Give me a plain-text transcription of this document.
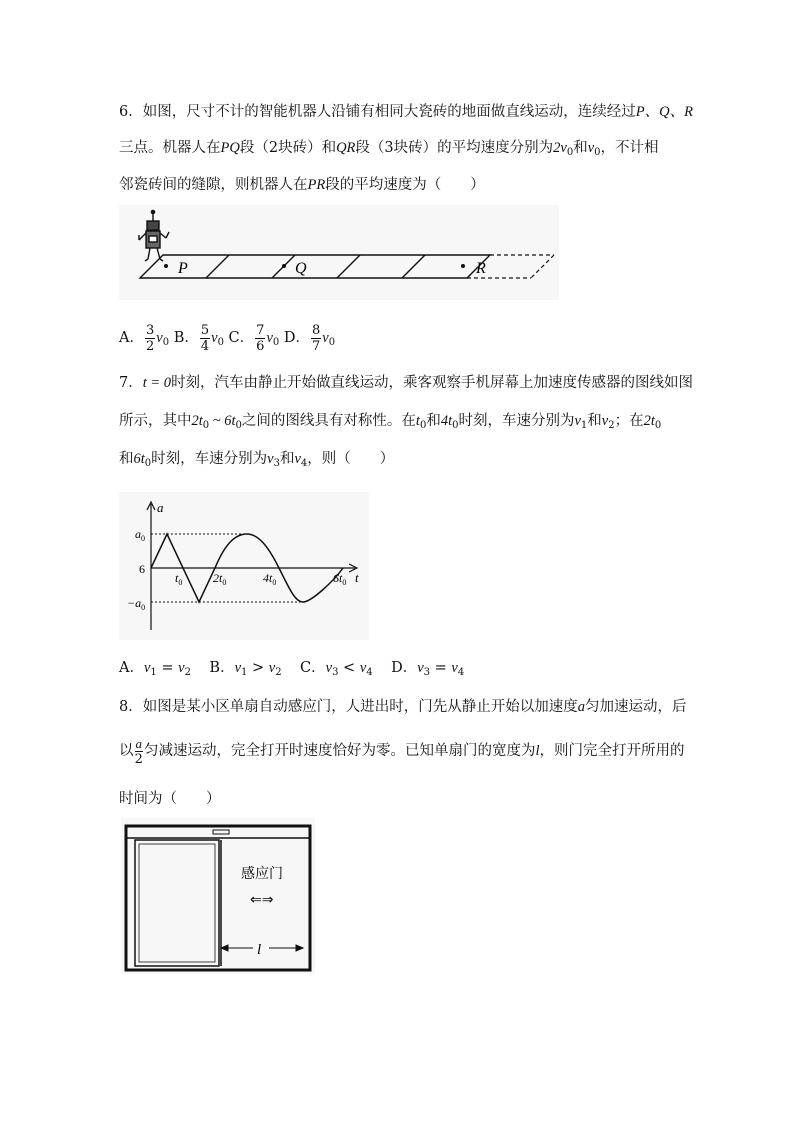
6．如图，尺寸不计的智能机器人沿铺有相同大瓷砖的地面做直线运动，连续经过P、Q、R
三点。机器人在PQ段（2块砖）和QR段（3块砖）的平均速度分别为$2v_0$和$v_0$，不计相
邻瓷砖间的缝隙，则机器人在PR段的平均速度为（　　）
P	Q	R
A． $\frac{3}{2} v_0$ B． $\frac{5}{4} v_0$ C． $\frac{7}{6} v_0$ D． $\frac{8}{7} v_0$
7．t = 0时刻，汽车由静止开始做直线运动，乘客观察手机屏幕上加速度传感器的图线如图
所示，其中$2t_0$ ~ $6t_0$之间的图线具有对称性。在$t_0$和$4t_0$时刻，车速分别为$v_1$和$v_2$；在$2t_0$
和$6t_0$时刻，车速分别为$v_3$和$v_4$，则（　　）
a
t
$a_0$
$-a_0$
6
$t_0$	$2t_0$	$4t_0$	$6t_0$
A．$v_1 = v_2$ B．$v_1 > v_2$ C．$v_3 < v_4$ D．$v_3 = v_4$
8．如图是某小区单扇自动感应门，人进出时，门先从静止开始以加速度a匀加速运动，后
以 $\frac{a}{2}$ 匀减速运动，完全打开时速度恰好为零。已知单扇门的宽度为l，则门完全打开所用的
时间为（　　）
感应门
⇐⇒
l
